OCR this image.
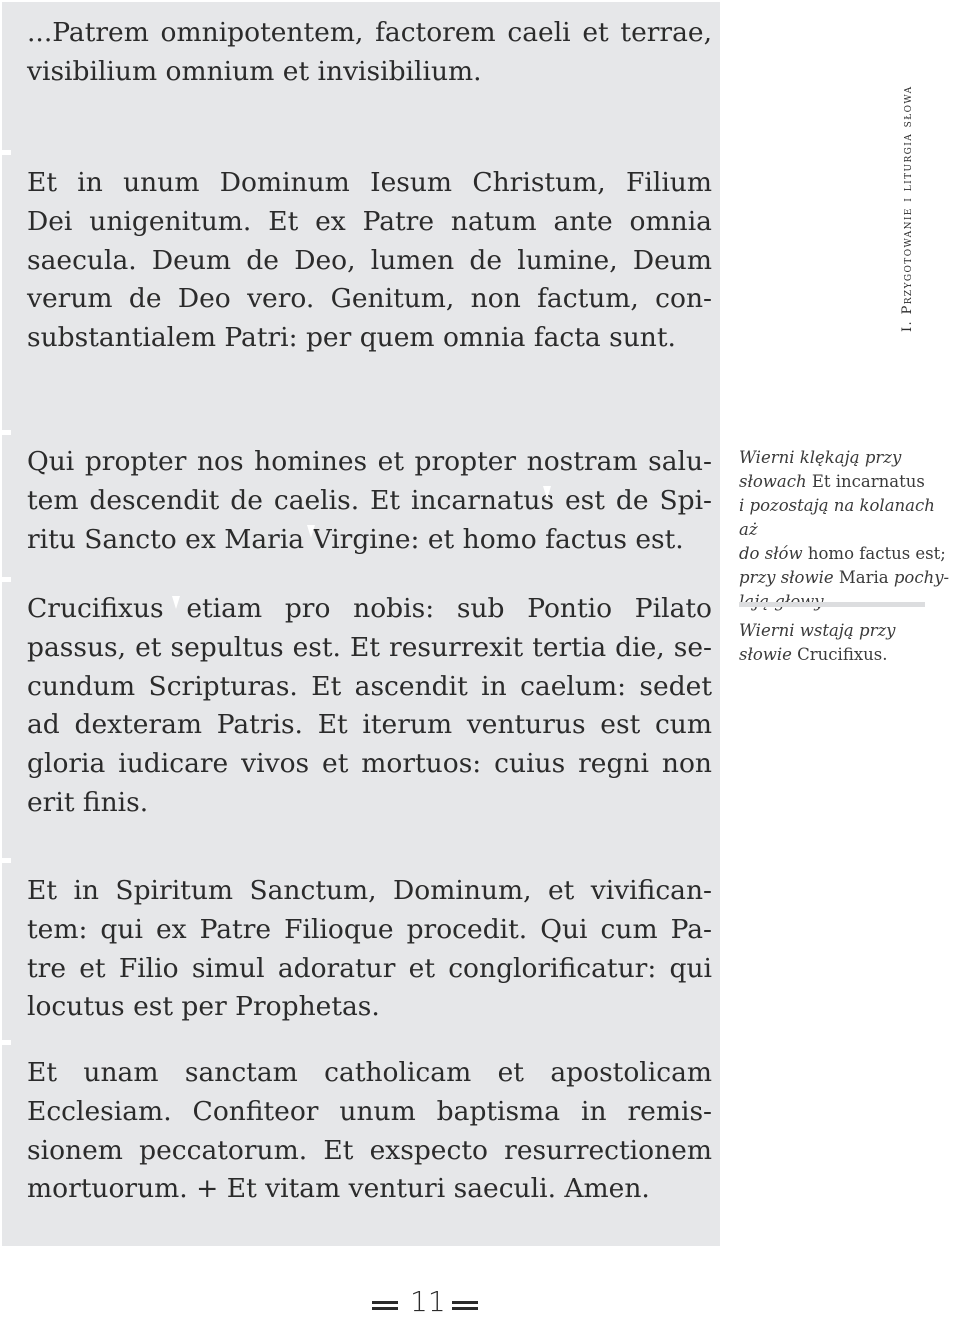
...Patrem omnipotentem, factorem caeli et terrae,
visibilium omnium et invisibilium.

Et in unum Dominum Iesum Christum, Filium
Dei unigenitum. Et ex Patre natum ante omnia
saecula. Deum de Deo, lumen de lumine, Deum
verum de Deo vero. Genitum, non factum, con-
substantialem Patri: per quem omnia facta sunt.

Qui propter nos homines et propter nostram salu-
tem descendit de caelis. Et incarnatus est de Spi-
ritu Sancto ex Maria Virgine: et homo factus est.

Crucifixus etiam pro nobis: sub Pontio Pilato
passus, et sepultus est. Et resurrexit tertia die, se-
cundum Scripturas. Et ascendit in caelum: sedet
ad dexteram Patris. Et iterum venturus est cum
gloria iudicare vivos et mortuos: cuius regni non
erit finis.

Et in Spiritum Sanctum, Dominum, et vivifican-
tem: qui ex Patre Filioque procedit. Qui cum Pa-
tre et Filio simul adoratur et conglorificatur: qui
locutus est per Prophetas.

Et unam sanctam catholicam et apostolicam
Ecclesiam. Confiteor unum baptisma in remis-
sionem peccatorum. Et exspecto resurrectionem
mortuorum. + Et vitam venturi saeculi. Amen.

I. Przygotowanie i liturgia słowa
Wierni klękają przy
słowach Et incarnatus
i pozostają na kolanach aż
do słów homo factus est;
przy słowie Maria pochy-

Wierni wstają przy
słowie Crucifixus.
11
